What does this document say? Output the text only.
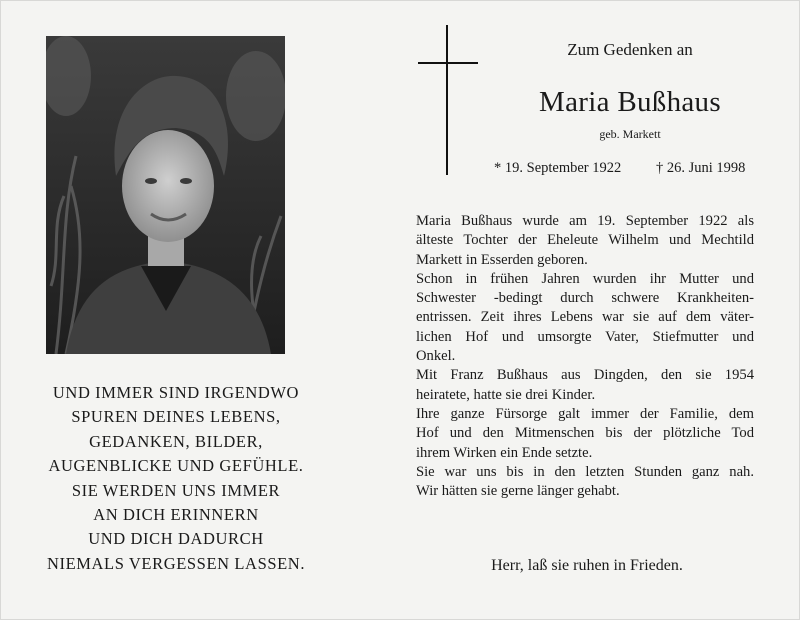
UND IMMER SIND IRGENDWO
SPUREN DEINES LEBENS,
GEDANKEN, BILDER,
AUGENBLICKE UND GEFÜHLE.
SIE WERDEN UNS IMMER
AN DICH ERINNERN
UND DICH DADURCH
NIEMALS VERGESSEN LASSEN.
Zum Gedenken an
Maria Bußhaus
geb. Markett
* 19. September 1922 † 26. Juni 1998
Maria Bußhaus wurde am 19. September 1922 als
älteste Tochter der Eheleute Wilhelm und Mechtild
Markett in Esserden geboren.
Schon in frühen Jahren wurden ihr Mutter und
Schwester -bedingt durch schwere Krankheiten-
entrissen. Zeit ihres Lebens war sie auf dem väter-
lichen Hof und umsorgte Vater, Stiefmutter und
Onkel.
Mit Franz Bußhaus aus Dingden, den sie 1954
heiratete, hatte sie drei Kinder.
Ihre ganze Fürsorge galt immer der Familie, dem
Hof und den Mitmenschen bis der plötzliche Tod
ihrem Wirken ein Ende setzte.
Sie war uns bis in den letzten Stunden ganz nah.
Wir hätten sie gerne länger gehabt.
Herr, laß sie ruhen in Frieden.
